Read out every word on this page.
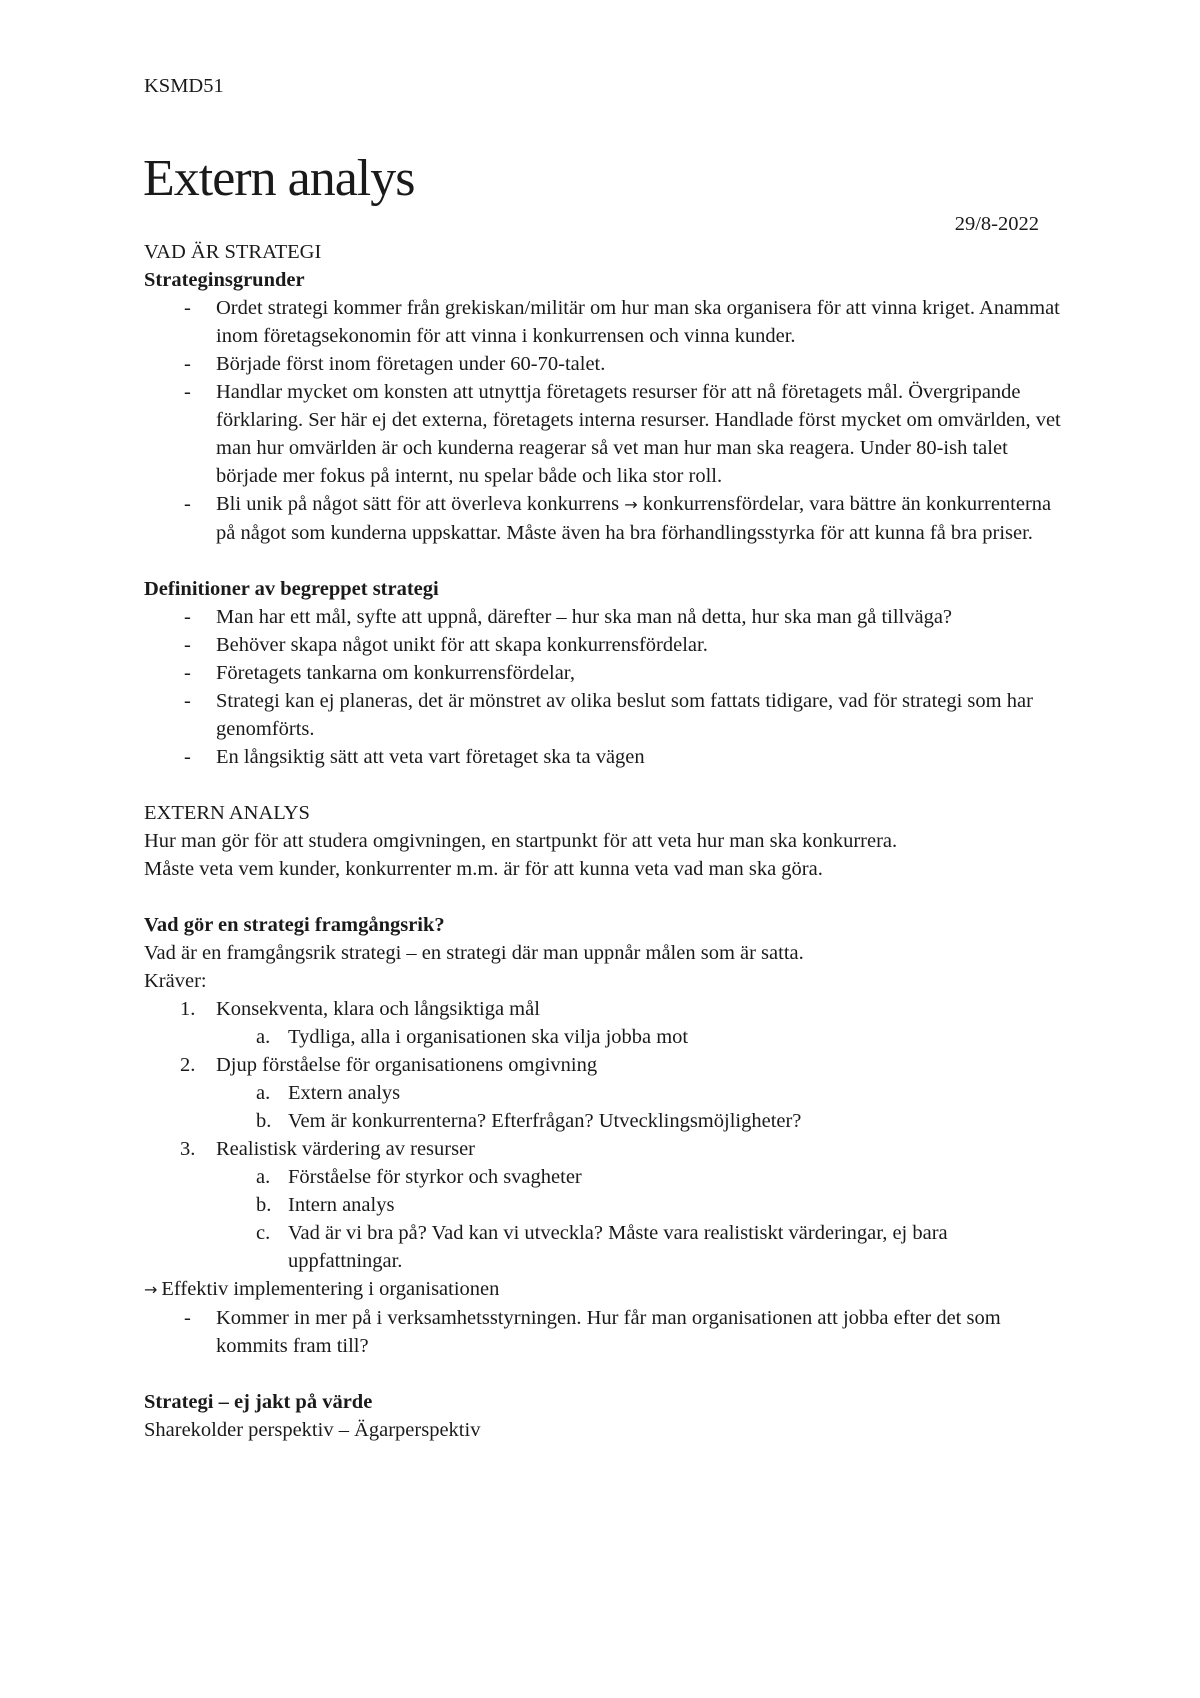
KSMD51
Extern analys
29/8-2022

VAD ÄR STRATEGI

Strateginsgrunder

- Ordet strategi kommer från grekiskan/militär om hur man ska organisera för att vinna kriget. Anammat inom företagsekonomin för att vinna i konkurrensen och vinna kunder.
- Började först inom företagen under 60-70-talet.
- Handlar mycket om konsten att utnyttja företagets resurser för att nå företagets mål. Övergripande förklaring. Ser här ej det externa, företagets interna resurser. Handlade först mycket om omvärlden, vet man hur omvärlden är och kunderna reagerar så vet man hur man ska reagera. Under 80-ish talet började mer fokus på internt, nu spelar både och lika stor roll.
- Bli unik på något sätt för att överleva konkurrens → konkurrensfördelar, vara bättre än konkurrenterna på något som kunderna uppskattar. Måste även ha bra förhandlingsstyrka för att kunna få bra priser.

Definitioner av begreppet strategi

- Man har ett mål, syfte att uppnå, därefter – hur ska man nå detta, hur ska man gå tillväga?
- Behöver skapa något unikt för att skapa konkurrensfördelar.
- Företagets tankarna om konkurrensfördelar,
- Strategi kan ej planeras, det är mönstret av olika beslut som fattats tidigare, vad för strategi som har genomförts.
- En långsiktig sätt att veta vart företaget ska ta vägen

EXTERN ANALYS

Hur man gör för att studera omgivningen, en startpunkt för att veta hur man ska konkurrera.

Måste veta vem kunder, konkurrenter m.m. är för att kunna veta vad man ska göra.

Vad gör en strategi framgångsrik?

Vad är en framgångsrik strategi – en strategi där man uppnår målen som är satta.

Kräver:

1. Konsekventa, klara och långsiktiga mål
a. Tydliga, alla i organisationen ska vilja jobba mot
2. Djup förståelse för organisationens omgivning
a. Extern analys
b. Vem är konkurrenterna? Efterfrågan? Utvecklingsmöjligheter?
3. Realistisk värdering av resurser
a. Förståelse för styrkor och svagheter
b. Intern analys
c. Vad är vi bra på? Vad kan vi utveckla? Måste vara realistiskt värderingar, ej bara uppfattningar.

→ Effektiv implementering i organisationen

- Kommer in mer på i verksamhetsstyrningen. Hur får man organisationen att jobba efter det som kommits fram till?

Strategi – ej jakt på värde

Sharekolder perspektiv – Ägarperspektiv
